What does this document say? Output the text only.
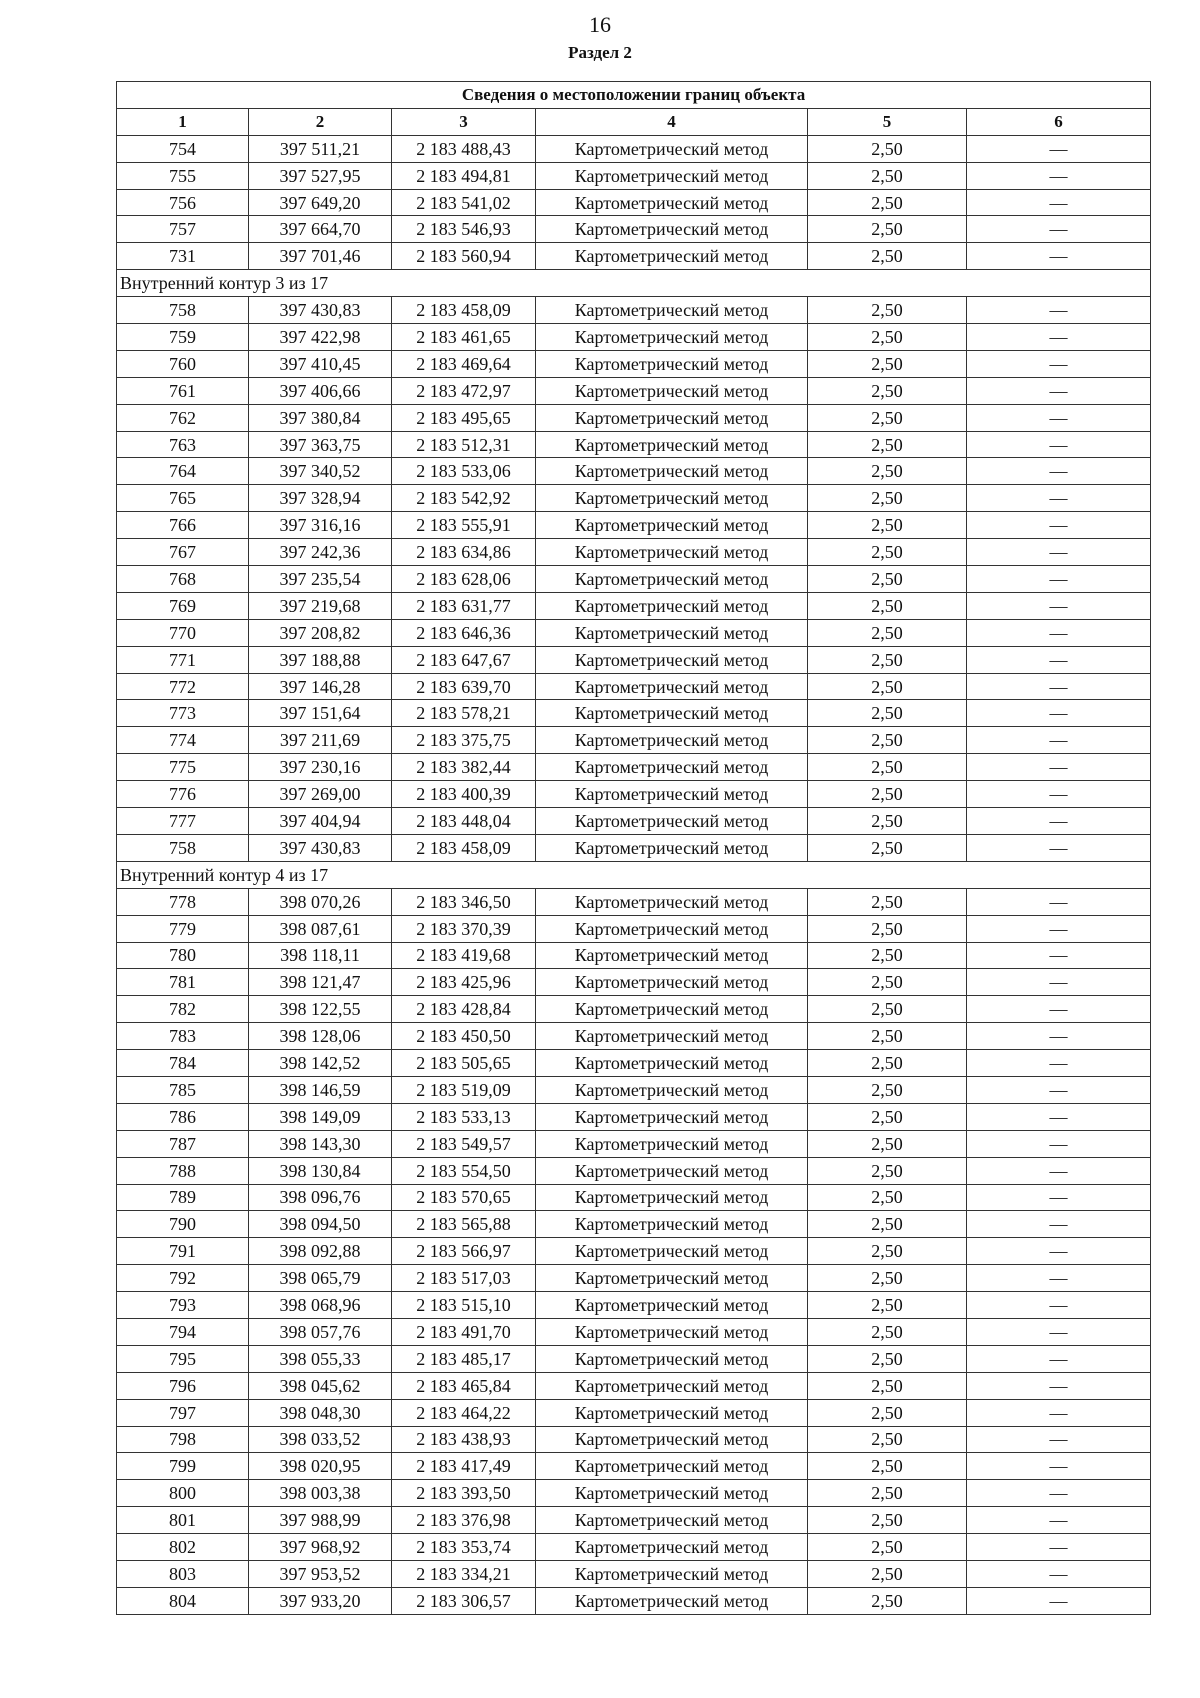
16
Раздел 2
Сведения о местоположении границ объекта					
1	2	3	4	5	6
754	397 511,21	2 183 488,43	Картометрический метод	2,50	—
755	397 527,95	2 183 494,81	Картометрический метод	2,50	—
756	397 649,20	2 183 541,02	Картометрический метод	2,50	—
757	397 664,70	2 183 546,93	Картометрический метод	2,50	—
731	397 701,46	2 183 560,94	Картометрический метод	2,50	—
Внутренний контур 3 из 17					
758	397 430,83	2 183 458,09	Картометрический метод	2,50	—
759	397 422,98	2 183 461,65	Картометрический метод	2,50	—
760	397 410,45	2 183 469,64	Картометрический метод	2,50	—
761	397 406,66	2 183 472,97	Картометрический метод	2,50	—
762	397 380,84	2 183 495,65	Картометрический метод	2,50	—
763	397 363,75	2 183 512,31	Картометрический метод	2,50	—
764	397 340,52	2 183 533,06	Картометрический метод	2,50	—
765	397 328,94	2 183 542,92	Картометрический метод	2,50	—
766	397 316,16	2 183 555,91	Картометрический метод	2,50	—
767	397 242,36	2 183 634,86	Картометрический метод	2,50	—
768	397 235,54	2 183 628,06	Картометрический метод	2,50	—
769	397 219,68	2 183 631,77	Картометрический метод	2,50	—
770	397 208,82	2 183 646,36	Картометрический метод	2,50	—
771	397 188,88	2 183 647,67	Картометрический метод	2,50	—
772	397 146,28	2 183 639,70	Картометрический метод	2,50	—
773	397 151,64	2 183 578,21	Картометрический метод	2,50	—
774	397 211,69	2 183 375,75	Картометрический метод	2,50	—
775	397 230,16	2 183 382,44	Картометрический метод	2,50	—
776	397 269,00	2 183 400,39	Картометрический метод	2,50	—
777	397 404,94	2 183 448,04	Картометрический метод	2,50	—
758	397 430,83	2 183 458,09	Картометрический метод	2,50	—
Внутренний контур 4 из 17					
778	398 070,26	2 183 346,50	Картометрический метод	2,50	—
779	398 087,61	2 183 370,39	Картометрический метод	2,50	—
780	398 118,11	2 183 419,68	Картометрический метод	2,50	—
781	398 121,47	2 183 425,96	Картометрический метод	2,50	—
782	398 122,55	2 183 428,84	Картометрический метод	2,50	—
783	398 128,06	2 183 450,50	Картометрический метод	2,50	—
784	398 142,52	2 183 505,65	Картометрический метод	2,50	—
785	398 146,59	2 183 519,09	Картометрический метод	2,50	—
786	398 149,09	2 183 533,13	Картометрический метод	2,50	—
787	398 143,30	2 183 549,57	Картометрический метод	2,50	—
788	398 130,84	2 183 554,50	Картометрический метод	2,50	—
789	398 096,76	2 183 570,65	Картометрический метод	2,50	—
790	398 094,50	2 183 565,88	Картометрический метод	2,50	—
791	398 092,88	2 183 566,97	Картометрический метод	2,50	—
792	398 065,79	2 183 517,03	Картометрический метод	2,50	—
793	398 068,96	2 183 515,10	Картометрический метод	2,50	—
794	398 057,76	2 183 491,70	Картометрический метод	2,50	—
795	398 055,33	2 183 485,17	Картометрический метод	2,50	—
796	398 045,62	2 183 465,84	Картометрический метод	2,50	—
797	398 048,30	2 183 464,22	Картометрический метод	2,50	—
798	398 033,52	2 183 438,93	Картометрический метод	2,50	—
799	398 020,95	2 183 417,49	Картометрический метод	2,50	—
800	398 003,38	2 183 393,50	Картометрический метод	2,50	—
801	397 988,99	2 183 376,98	Картометрический метод	2,50	—
802	397 968,92	2 183 353,74	Картометрический метод	2,50	—
803	397 953,52	2 183 334,21	Картометрический метод	2,50	—
804	397 933,20	2 183 306,57	Картометрический метод	2,50	—
